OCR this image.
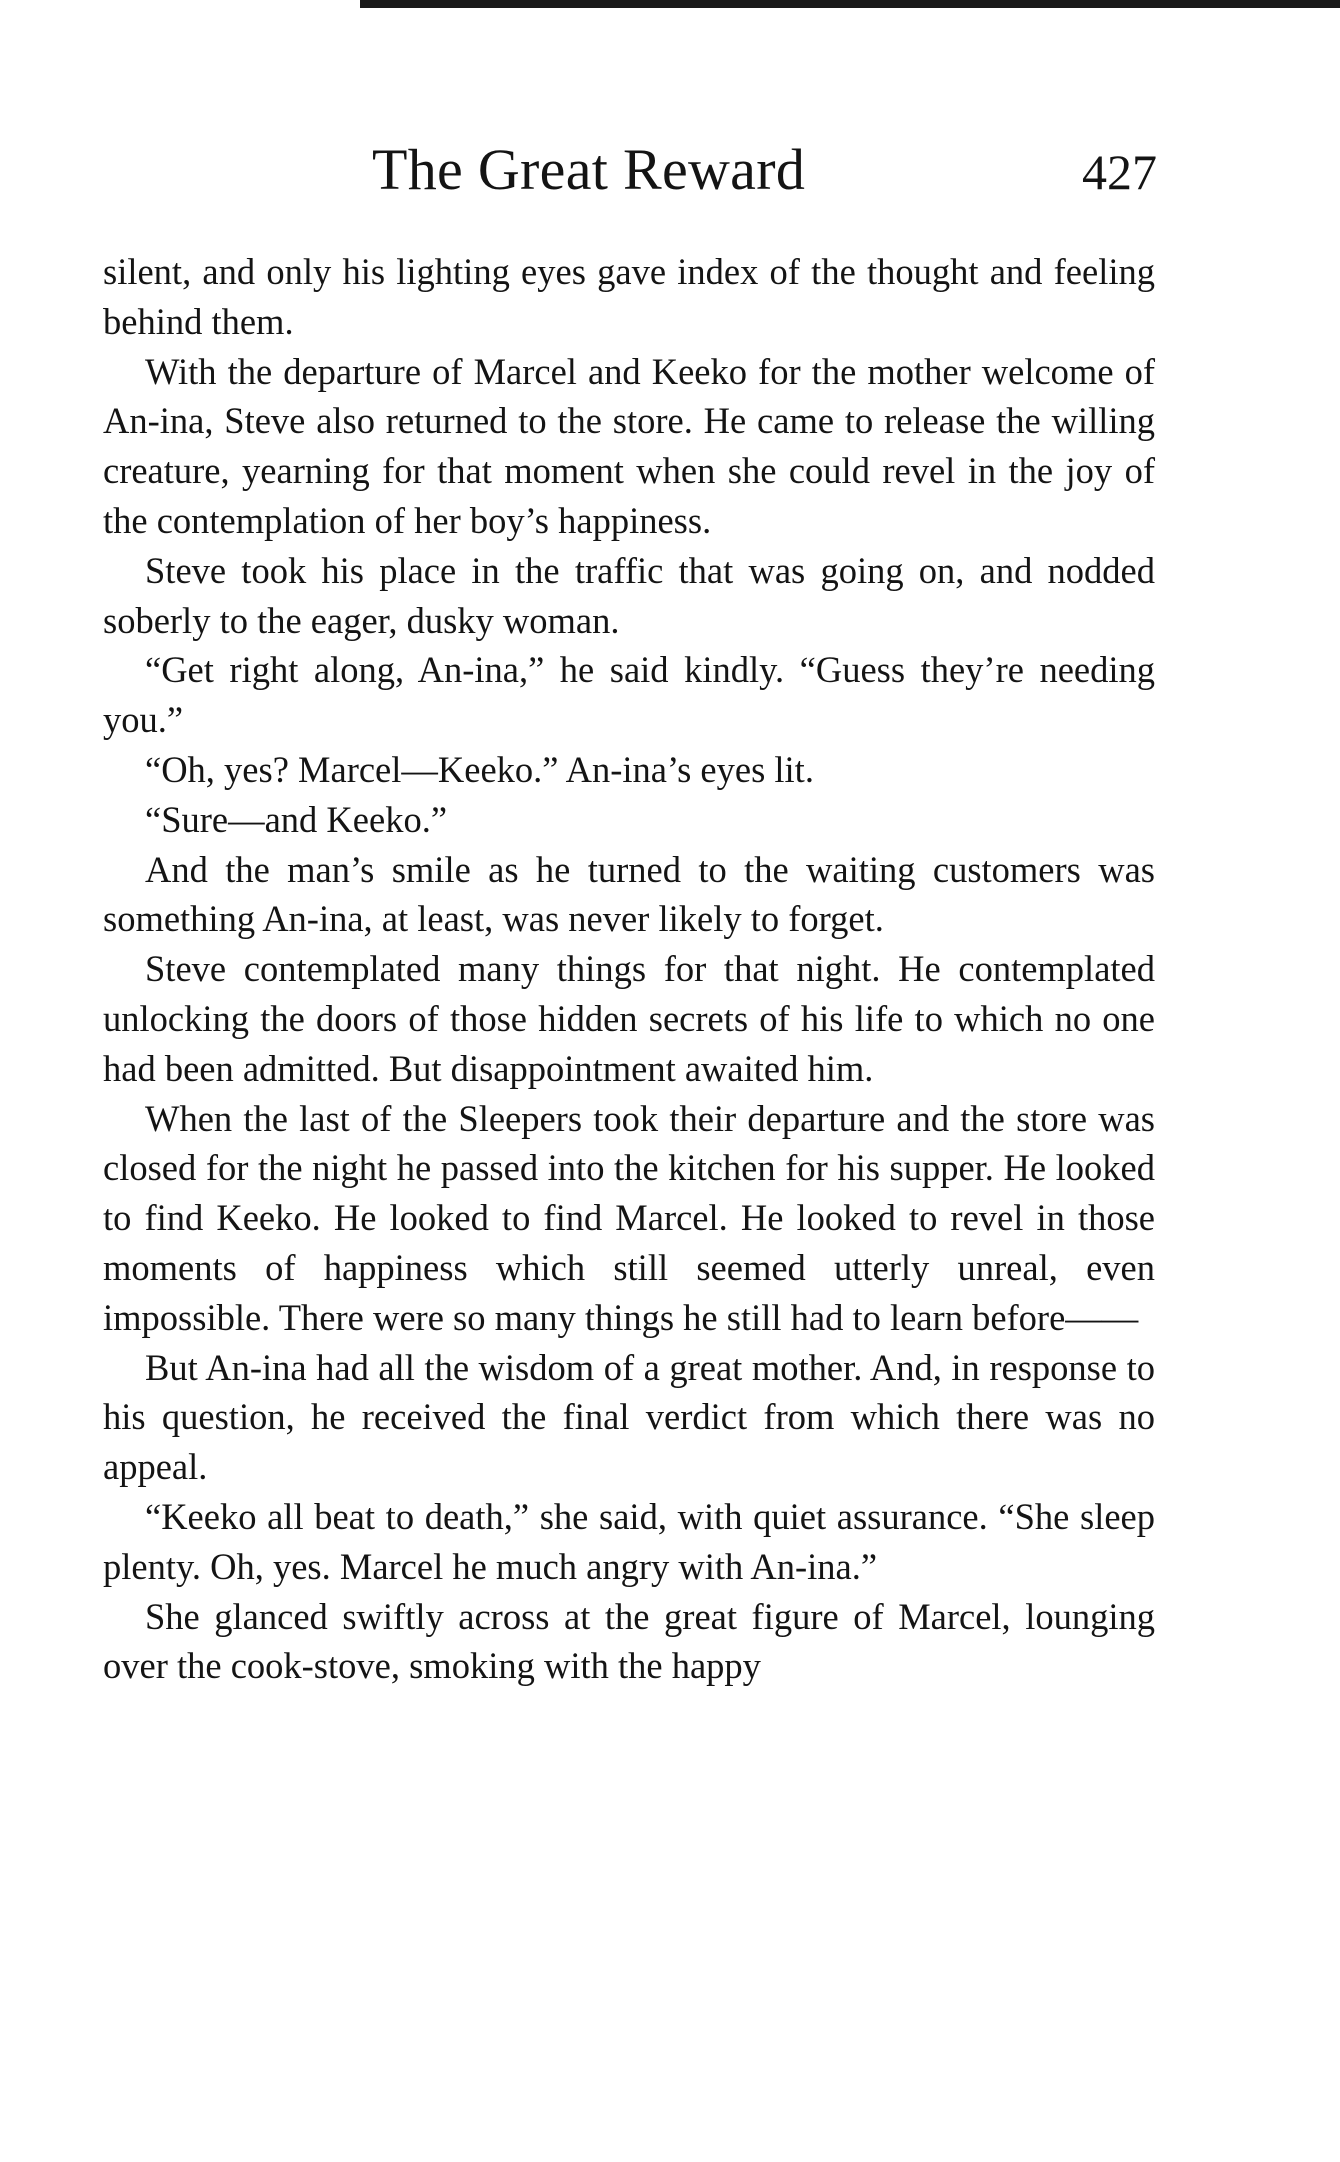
The Great Reward	427

silent, and only his lighting eyes gave index of the thought and feeling behind them.

With the departure of Marcel and Keeko for the mother welcome of An-ina, Steve also returned to the store. He came to release the willing creature, yearning for that moment when she could revel in the joy of the contemplation of her boy’s happiness.

Steve took his place in the traffic that was going on, and nodded soberly to the eager, dusky woman.

“Get right along, An-ina,” he said kindly. “Guess they’re needing you.”

“Oh, yes? Marcel—Keeko.” An-ina’s eyes lit.

“Sure—and Keeko.”

And the man’s smile as he turned to the waiting customers was something An-ina, at least, was never likely to forget.

Steve contemplated many things for that night. He contemplated unlocking the doors of those hidden secrets of his life to which no one had been admitted. But disappointment awaited him.

When the last of the Sleepers took their departure and the store was closed for the night he passed into the kitchen for his supper. He looked to find Keeko. He looked to find Marcel. He looked to revel in those moments of happiness which still seemed utterly unreal, even impossible. There were so many things he still had to learn before——

But An-ina had all the wisdom of a great mother. And, in response to his question, he received the final verdict from which there was no appeal.

“Keeko all beat to death,” she said, with quiet assurance. “She sleep plenty. Oh, yes. Marcel he much angry with An-ina.”

She glanced swiftly across at the great figure of Marcel, lounging over the cook-stove, smoking with the happy
